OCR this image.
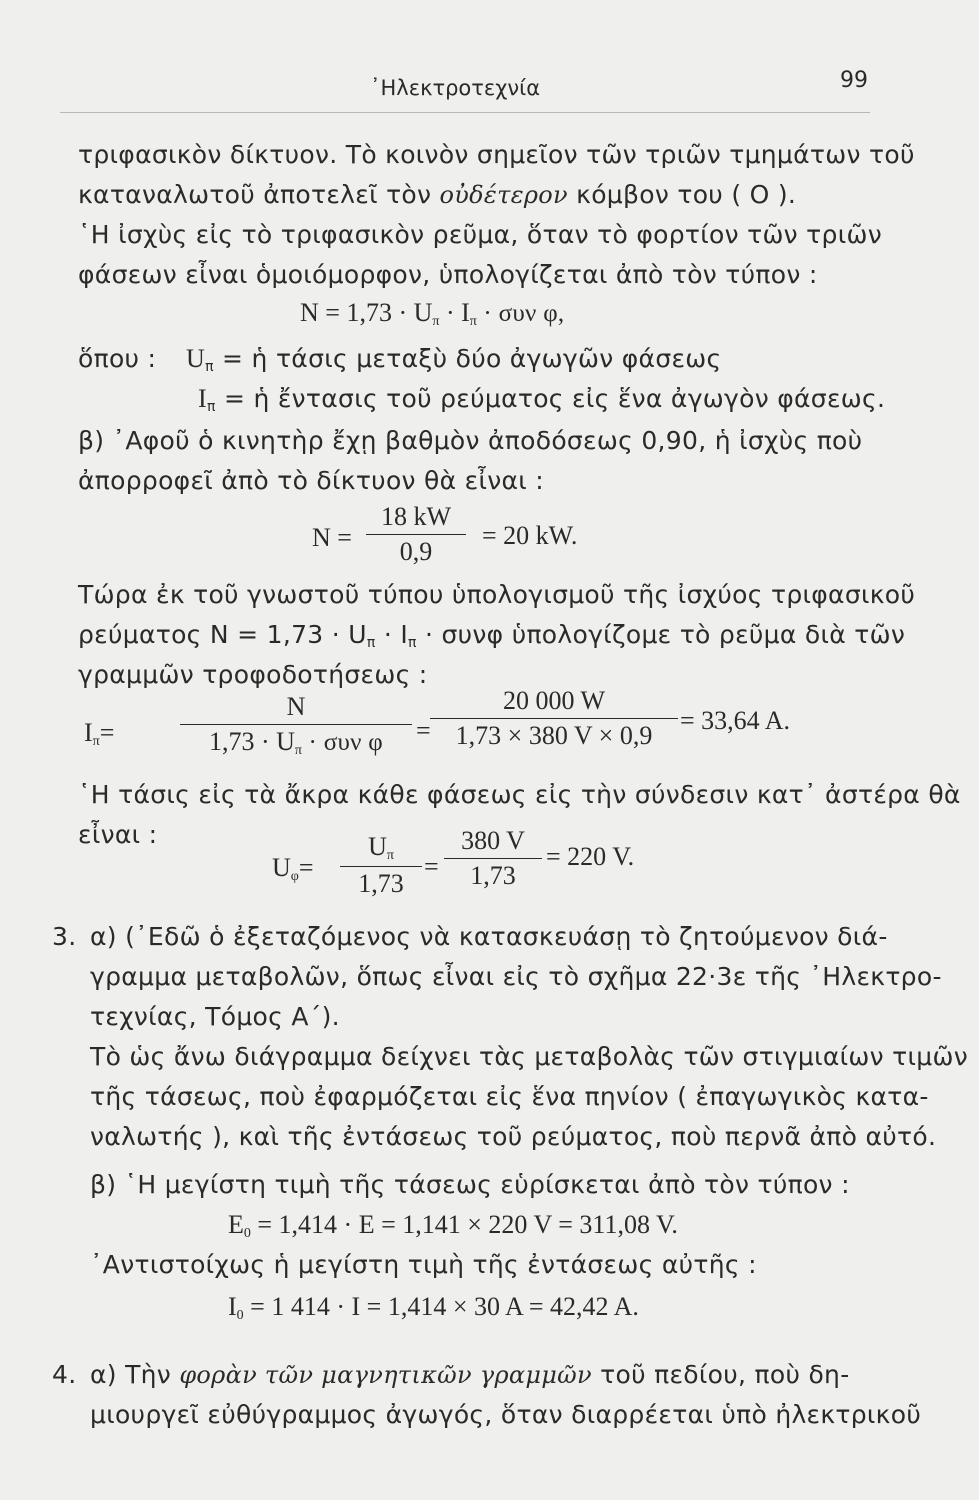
᾽Ηλεκτροτεχνία	99
τριφασικὸν δίκτυον. Τὸ κοινὸν σημεῖον τῶν τριῶν τμημάτων τοῦ
καταναλωτοῦ ἀποτελεῖ τὸν οὐδέτερον κόμβον του ( Ο ).
῾Η ἰσχὺς εἰς τὸ τριφασικὸν ρεῦμα, ὅταν τὸ φορτίον τῶν τριῶν
φάσεων εἶναι ὁμοιόμορφον, ὑπολογίζεται ἀπὸ τὸν τύπον :
$N = 1,73 \cdot U_\pi \cdot I_\pi \cdot \sigma\upsilon\nu$ φ,
ὅπου : $U_\pi$ = ἡ τάσις μεταξὺ δύο ἀγωγῶν φάσεως
$I_\pi$ = ἡ ἔντασις τοῦ ρεύματος εἰς ἕνα ἀγωγὸν φάσεως.
β) ᾽Αφοῦ ὁ κινητὴρ ἔχῃ βαθμὸν ἀποδόσεως 0,90, ἡ ἰσχὺς ποὺ
ἀπορροφεῖ ἀπὸ τὸ δίκτυον θὰ εἶναι :
$N = \frac{18 kW}{0,9} = 20$ kW.
Τώρα ἐκ τοῦ γνωστοῦ τύπου ὑπολογισμοῦ τῆς ἰσχύος τριφασικοῦ
ρεύματος $N = 1,73 \cdot U_\pi \cdot I_\pi \cdot \sigma\upsilon\nu\varphi$ ὑπολογίζομε τὸ ρεῦμα διὰ τῶν
γραμμῶν τροφοδοτήσεως :
$I_\pi=$
N
$1,73 \cdot U_\pi \cdot \sigma\upsilon\nu$ φ	= $\frac{20 000 W}{1,73 \times 380 V \times 0,9} = 33,64$ A.
῾Η τάσις εἰς τὰ ἄκρα κάθε φάσεως εἰς τὴν σύνδεσιν κατ᾽ ἀστέρα θὰ
εἶναι :
$U_\varphi= \frac{U_\pi}{1,73} = \frac{380 V}{1,73} = 220$ V.
3. α) (᾽Εδῶ ὁ ἐξεταζόμενος νὰ κατασκευάσῃ τὸ ζητούμενον διά-
γραμμα μεταβολῶν, ὅπως εἶναι εἰς τὸ σχῆμα 22·3ε τῆς ᾽Ηλεκτρο-
τεχνίας, Τόμος Α΄).
Τὸ ὡς ἄνω διάγραμμα δείχνει τὰς μεταβολὰς τῶν στιγμιαίων τιμῶν
τῆς τάσεως, ποὺ ἐφαρμόζεται εἰς ἕνα πηνίον ( ἐπαγωγικὸς κατα-
ναλωτής ), καὶ τῆς ἐντάσεως τοῦ ρεύματος, ποὺ περνᾶ ἀπὸ αὐτό.
β) ῾Η μεγίστη τιμὴ τῆς τάσεως εὑρίσκεται ἀπὸ τὸν τύπον :
$E_0 = 1,414 \cdot E = 1,141 \times 220$ V = 311,08 V.
᾽Αντιστοίχως ἡ μεγίστη τιμὴ τῆς ἐντάσεως αὐτῆς :
$I_0 = 1$ 414 · I = 1,414 × 30 A = 42,42 A.
4. α) Τὴν φορὰν τῶν μαγνητικῶν γραμμῶν τοῦ πεδίου, ποὺ δη-
μιουργεῖ εὐθύγραμμος ἀγωγός, ὅταν διαρρέεται ὑπὸ ἠλεκτρικοῦ
